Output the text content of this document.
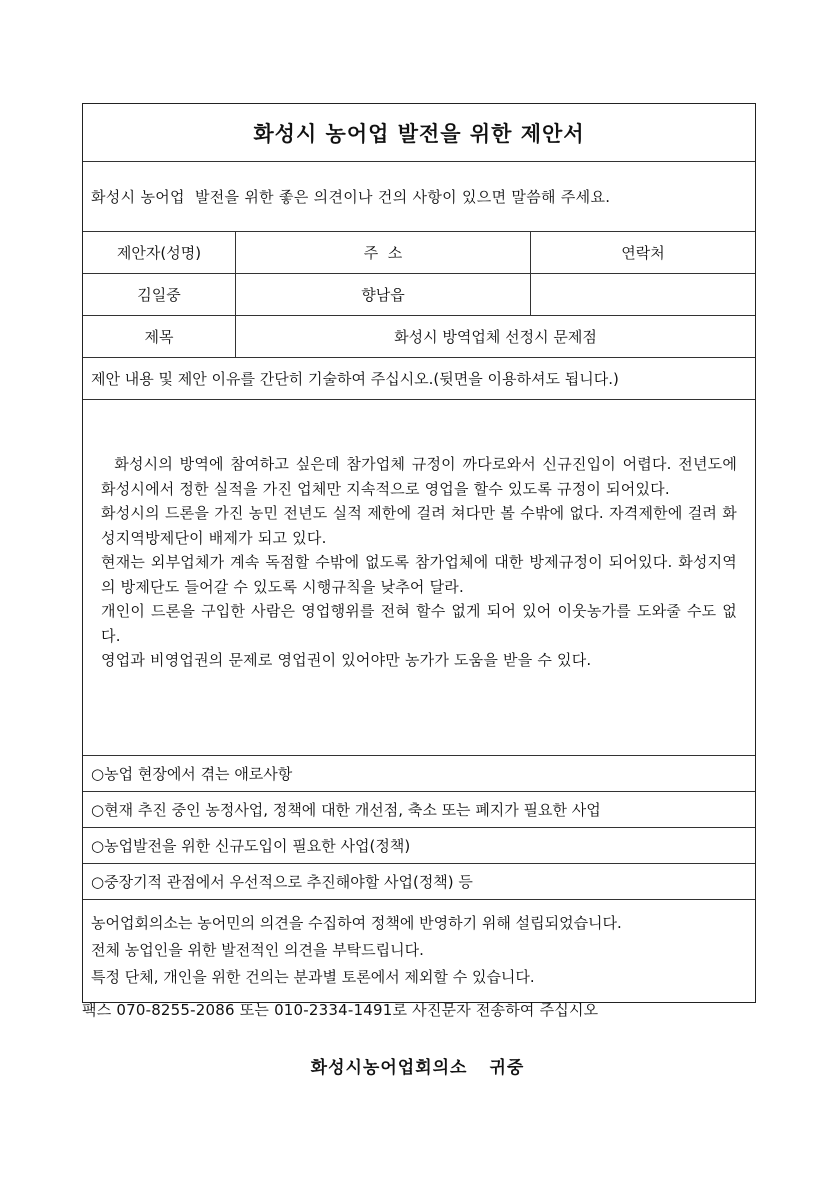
화성시 농어업 발전을 위한 제안서
화성시 농어업  발전을 위한 좋은 의견이나 건의 사항이 있으면 말씀해 주세요.
제안자(성명)	주  소	연락처
김일중	향남읍
제목	화성시 방역업체 선정시 문제점
제안 내용 및 제안 이유를 간단히 기술하여 주십시오.(뒷면을 이용하셔도 됩니다.)

화성시의 방역에 참여하고 싶은데 참가업체 규정이 까다로와서 신규진입이 어렵다. 전년도에 화성시에서 정한 실적을 가진 업체만 지속적으로 영업을 할수 있도록 규정이 되어있다.

화성시의 드론을 가진 농민 전년도 실적 제한에 걸려 쳐다만 볼 수밖에 없다. 자격제한에 걸려 화성지역방제단이 배제가 되고 있다.

현재는 외부업체가 계속 독점할 수밖에 없도록 참가업체에 대한 방제규정이 되어있다. 화성지역의 방제단도 들어갈 수 있도록 시행규칙을 낮추어 달라.

개인이 드론을 구입한 사람은 영업행위를 전혀 할수 없게 되어 있어 이웃농가를 도와줄 수도 없다.

영업과 비영업권의 문제로 영업권이 있어야만 농가가 도움을 받을 수 있다.

○농업 현장에서 겪는 애로사항
○현재 추진 중인 농정사업, 정책에 대한 개선점, 축소 또는 폐지가 필요한 사업
○농업발전을 위한 신규도입이 필요한 사업(정책)
○중장기적 관점에서 우선적으로 추진해야할 사업(정책) 등

농어업회의소는 농어민의 의견을 수집하여 정책에 반영하기 위해 설립되었습니다.

전체 농업인을 위한 발전적인 의견을 부탁드립니다.

특정 단체, 개인을 위한 건의는 분과별 토론에서 제외할 수 있습니다.

팩스 070-8255-2086 또는 010-2334-1491로 사진문자 전송하여 주십시오
화성시농어업회의소 귀중
